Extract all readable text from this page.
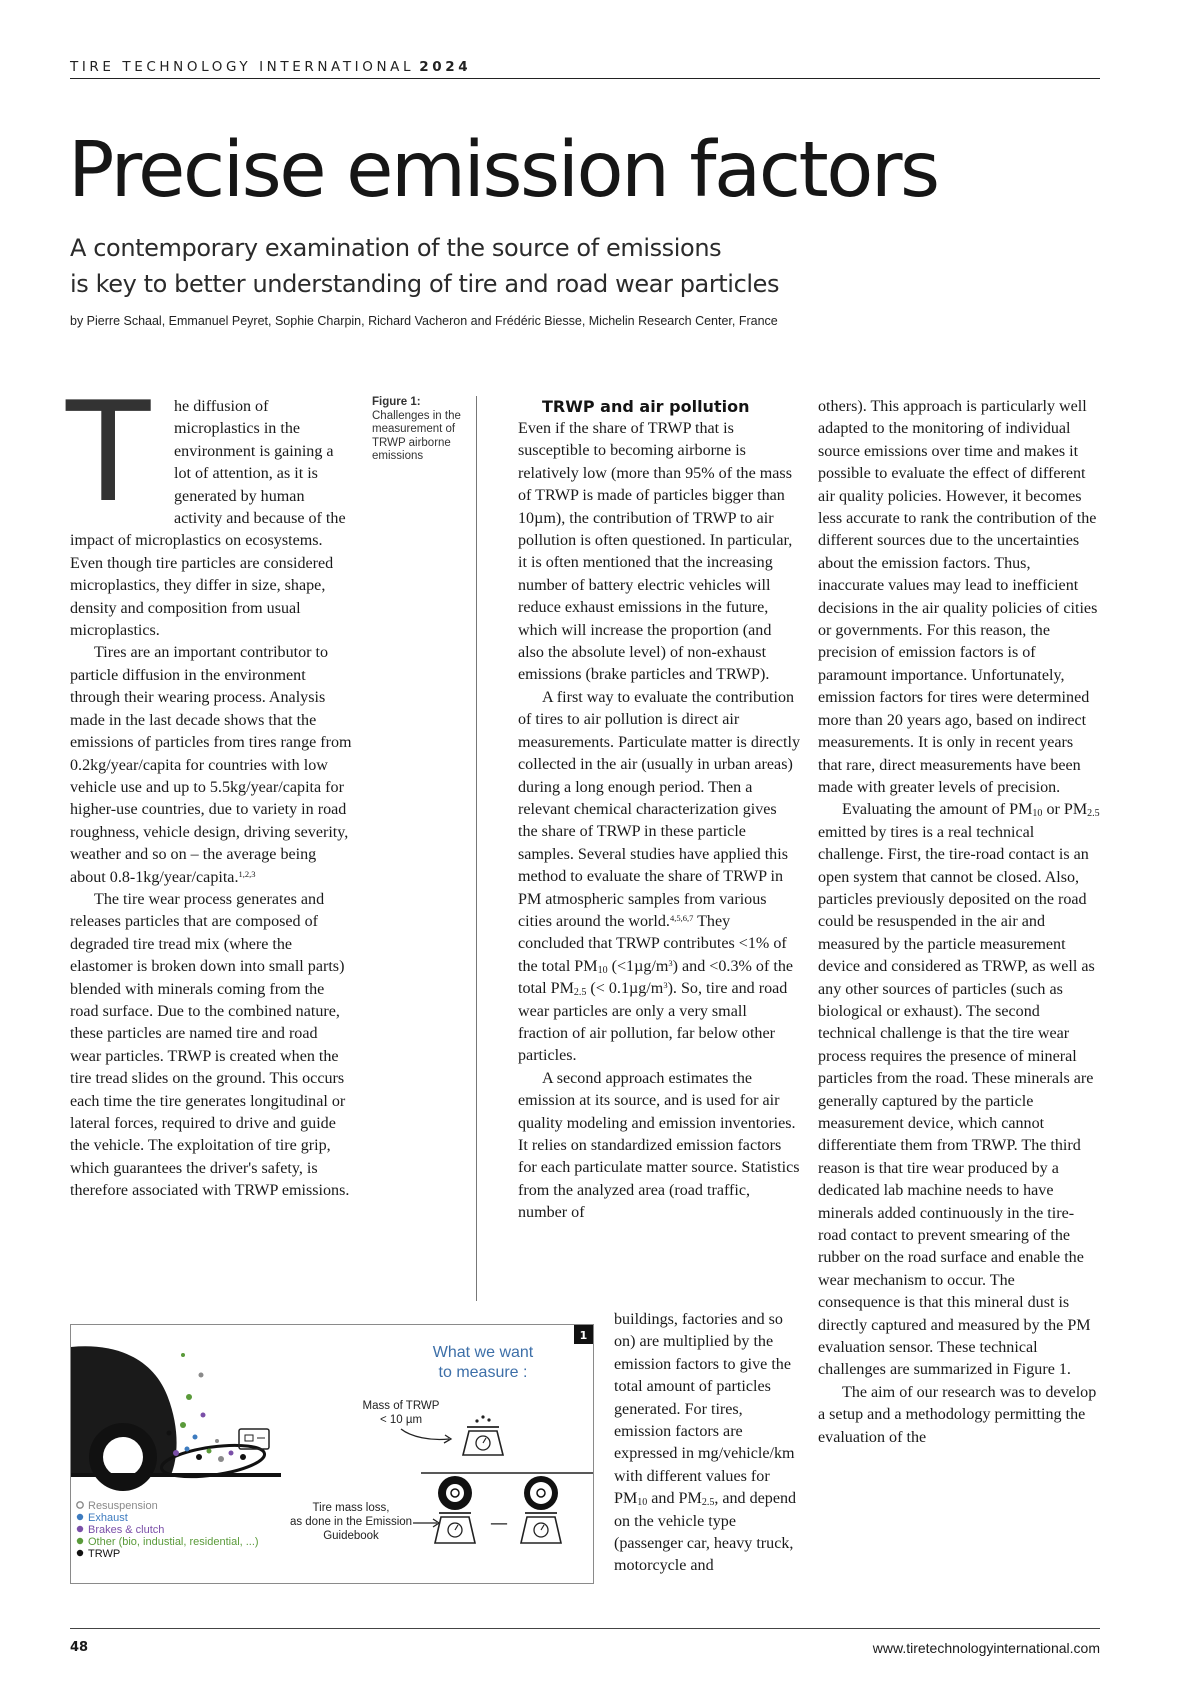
TIRE TECHNOLOGY INTERNATIONAL 2024
Precise emission factors
A contemporary examination of the source of emissions
is key to better understanding of tire and road wear particles

by Pierre Schaal, Emmanuel Peyret, Sophie Charpin, Richard Vacheron and Frédéric Biesse, Michelin Research Center, France

T	he diffusion of microplastics in the environment is gaining a lot of attention, as it is generated by human activity and because of the impact of microplastics on ecosystems. Even though tire particles are considered microplastics, they differ in size, shape, density and composition from usual microplastics.

Tires are an important contributor to particle diffusion in the environment through their wearing process. Analysis made in the last decade shows that the emissions of particles from tires range from 0.2kg/year/capita for countries with low vehicle use and up to 5.5kg/year/capita for higher-use countries, due to variety in road roughness, vehicle design, driving severity, weather and so on – the average being about 0.8-1kg/year/capita.$^{1,2,3}$

The tire wear process generates and releases particles that are composed of degraded tire tread mix (where the elastomer is broken down into small parts) blended with minerals coming from the road surface. Due to the combined nature, these particles are named tire and road wear particles. TRWP is created when the tire tread slides on the ground. This occurs each time the tire generates longitudinal or lateral forces, required to drive and guide the vehicle. The exploitation of tire grip, which guarantees the driver's safety, is therefore associated with TRWP emissions.

Figure 1: Challenges in the measurement of TRWP airborne emissions

TRWP and air pollution

Even if the share of TRWP that is susceptible to becoming airborne is relatively low (more than 95% of the mass of TRWP is made of particles bigger than 10µm), the contribution of TRWP to air pollution is often questioned. In particular, it is often mentioned that the increasing number of battery electric vehicles will reduce exhaust emissions in the future, which will increase the proportion (and also the absolute level) of non-exhaust emissions (brake particles and TRWP).

A first way to evaluate the contribution of tires to air pollution is direct air measurements. Particulate matter is directly collected in the air (usually in urban areas) during a long enough period. Then a relevant chemical characterization gives the share of TRWP in these particle samples. Several studies have applied this method to evaluate the share of TRWP in PM atmospheric samples from various cities around the world.$^{4,5,6,7}$ They concluded that TRWP contributes <1% of the total $PM_{10}$ $(<1\mu g/m^3)$ and <0.3% of the total $PM_{2.5}$ (< $0.1\mu g/m^3$). So, tire and road wear particles are only a very small fraction of air pollution, far below other particles.

A second approach estimates the emission at its source, and is used for air quality modeling and emission inventories. It relies on standardized emission factors for each particulate matter source. Statistics from the analyzed area (road traffic, number of

buildings, factories and so on) are multiplied by the emission factors to give the total amount of particles generated. For tires, emission factors are expressed in mg/vehicle/km with different values for $PM_{10}$ and $PM_{2.5}$, and depend on the vehicle type (passenger car, heavy truck, motorcycle and

others). This approach is particularly well adapted to the monitoring of individual source emissions over time and makes it possible to evaluate the effect of different air quality policies. However, it becomes less accurate to rank the contribution of the different sources due to the uncertainties about the emission factors. Thus, inaccurate values may lead to inefficient decisions in the air quality policies of cities or governments. For this reason, the precision of emission factors is of paramount importance. Unfortunately, emission factors for tires were determined more than 20 years ago, based on indirect measurements. It is only in recent years that rare, direct measurements have been made with greater levels of precision.

Evaluating the amount of $PM_{10}$ or $PM_{2.5}$ emitted by tires is a real technical challenge. First, the tire-road contact is an open system that cannot be closed. Also, particles previously deposited on the road could be resuspended in the air and measured by the particle measurement device and considered as TRWP, as well as any other sources of particles (such as biological or exhaust). The second technical challenge is that the tire wear process requires the presence of mineral particles from the road. These minerals are generally captured by the particle measurement device, which cannot differentiate them from TRWP. The third reason is that tire wear produced by a dedicated lab machine needs to have minerals added continuously in the tire-road contact to prevent smearing of the rubber on the road surface and enable the wear mechanism to occur. The consequence is that this mineral dust is directly captured and measured by the PM evaluation sensor. These technical challenges are summarized in Figure 1.

The aim of our research was to develop a setup and a methodology permitting the evaluation of the

1
What we want
to measure :
Mass of TRWP
< 10 µm
Tire mass loss,
as done in the Emission
Guidebook
—
Resuspension
Exhaust
Brakes & clutch
Other (bio, industial, residential, ...)
TRWP
48	www.tiretechnologyinternational.com
